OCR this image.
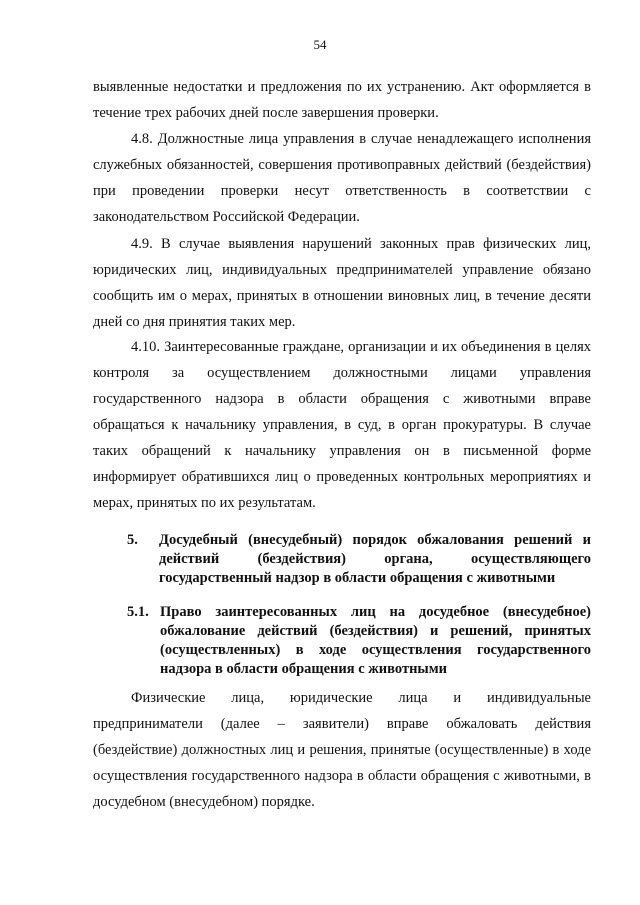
54

выявленные недостатки и предложения по их устранению. Акт оформляется в течение трех рабочих дней после завершения проверки.

4.8. Должностные лица управления в случае ненадлежащего исполнения служебных обязанностей, совершения противоправных действий (бездействия) при проведении проверки несут ответственность в соответствии с законодательством Российской Федерации.

4.9. В случае выявления нарушений законных прав физических лиц, юридических лиц, индивидуальных предпринимателей управление обязано сообщить им о мерах, принятых в отношении виновных лиц, в течение десяти дней со дня принятия таких мер.

4.10. Заинтересованные граждане, организации и их объединения в целях контроля за осуществлением должностными лицами управления государственного надзора в области обращения с животными вправе обращаться к начальнику управления, в суд, в орган прокуратуры. В случае таких обращений к начальнику управления он в письменной форме информирует обратившихся лиц о проведенных контрольных мероприятиях и мерах, принятых по их результатам.

5. Досудебный (внесудебный) порядок обжалования решений и действий (бездействия) органа, осуществляющего государственный надзор в области обращения с животными
5.1. Право заинтересованных лиц на досудебное (внесудебное) обжалование действий (бездействия) и решений, принятых (осуществленных) в ходе осуществления государственного надзора в области обращения с животными

Физические лица, юридические лица и индивидуальные предприниматели (далее – заявители) вправе обжаловать действия (бездействие) должностных лиц и решения, принятые (осуществленные) в ходе осуществления государственного надзора в области обращения с животными, в досудебном (внесудебном) порядке.
